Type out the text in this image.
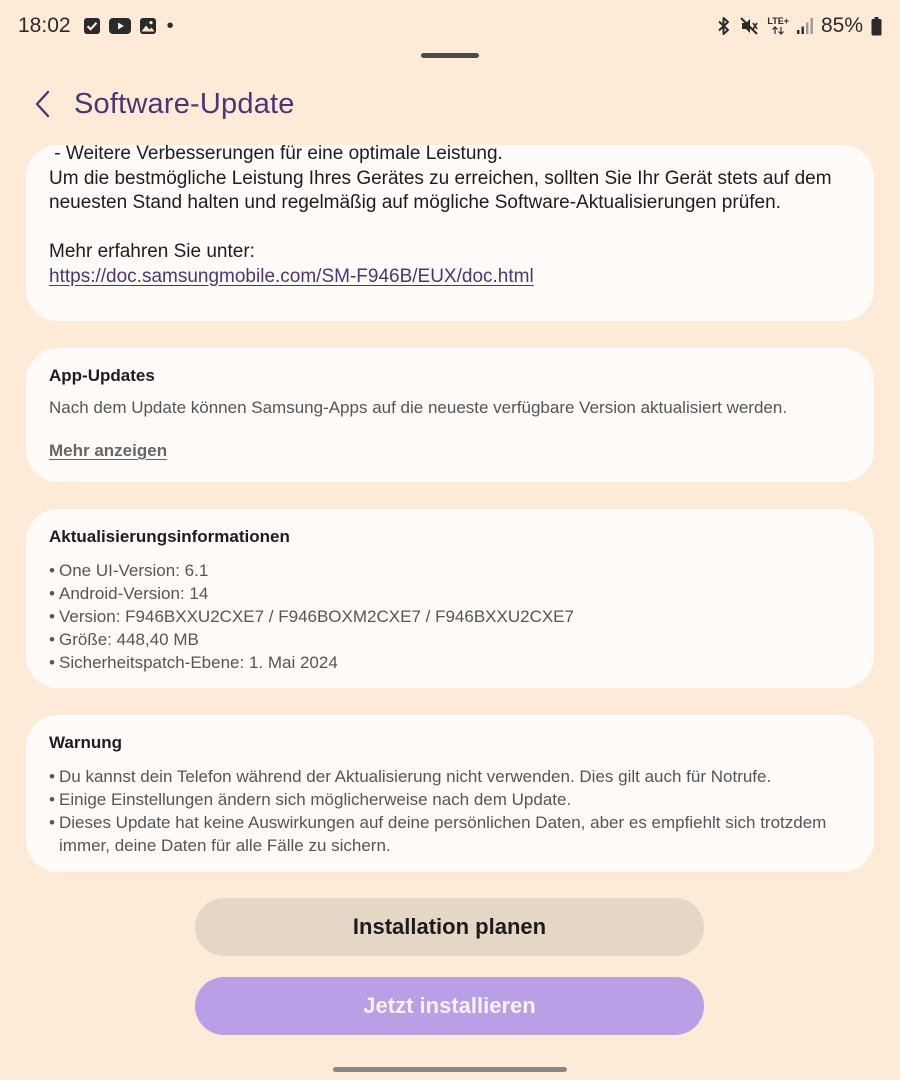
18:02	•	LTE+ 85%
Software-Update

- Weitere Verbesserungen für eine optimale Leistung.

Um die bestmögliche Leistung Ihres Gerätes zu erreichen, sollten Sie Ihr Gerät stets auf dem neuesten Stand halten und regelmäßig auf mögliche Software-Aktualisierungen prüfen.

Mehr erfahren Sie unter:

https://doc.samsungmobile.com/SM-F946B/EUX/doc.html
App-Updates

Nach dem Update können Samsung-Apps auf die neueste verfügbare Version aktualisiert werden.

Mehr anzeigen
Aktualisierungsinformationen
• One UI-Version: 6.1
• Android-Version: 14
• Version: F946BXXU2CXE7 / F946BOXM2CXE7 / F946BXXU2CXE7
• Größe: 448,40 MB
• Sicherheitspatch-Ebene: 1. Mai 2024
Warnung
• Du kannst dein Telefon während der Aktualisierung nicht verwenden. Dies gilt auch für Notrufe.
• Einige Einstellungen ändern sich möglicherweise nach dem Update.
• Dieses Update hat keine Auswirkungen auf deine persönlichen Daten, aber es empfiehlt sich trotzdem immer, deine Daten für alle Fälle zu sichern.
Installation planen
Jetzt installieren
